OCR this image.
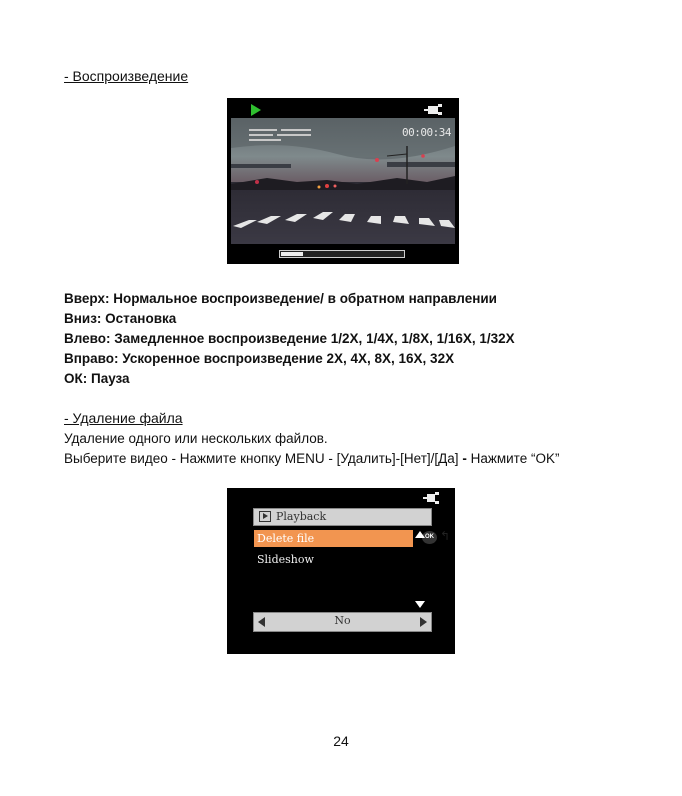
- Воспроизведение
00:00:34
Вверх: Нормальное воспроизведение/ в обратном направлении
Вниз: Остановка
Влево: Замедленное воспроизведение 1/2X, 1/4X, 1/8X, 1/16X, 1/32X
Вправо: Ускоренное воспроизведение 2X, 4X, 8X, 16X, 32X
ОК: Пауза
- Удаление файла
Удаление одного или нескольких файлов.
Выберите видео - Нажмите кнопку MENU - [Удалить]-[Нет]/[Да] - Нажмите “OK”
Playback
OK ↰
Delete file
Slideshow
No
24
